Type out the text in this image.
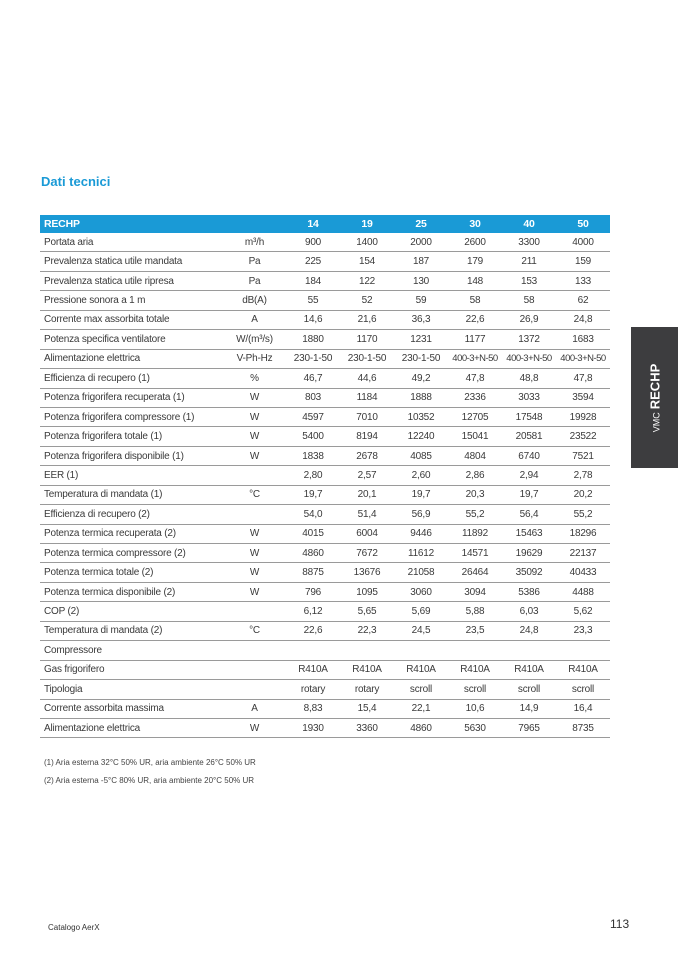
Dati tecnici
RECHP		14	19	25	30	40	50
Portata aria	m³/h	900	1400	2000	2600	3300	4000
Prevalenza statica utile mandata	Pa	225	154	187	179	211	159
Prevalenza statica utile ripresa	Pa	184	122	130	148	153	133
Pressione sonora a 1 m	dB(A)	55	52	59	58	58	62
Corrente max assorbita totale	A	14,6	21,6	36,3	22,6	26,9	24,8
Potenza specifica ventilatore	W/(m³/s)	1880	1170	1231	1177	1372	1683
Alimentazione elettrica	V-Ph-Hz	230-1-50	230-1-50	230-1-50	400-3+N-50	400-3+N-50	400-3+N-50
Efficienza di recupero (1)	%	46,7	44,6	49,2	47,8	48,8	47,8
Potenza frigorifera recuperata (1)	W	803	1184	1888	2336	3033	3594
Potenza frigorifera compressore (1)	W	4597	7010	10352	12705	17548	19928
Potenza frigorifera totale (1)	W	5400	8194	12240	15041	20581	23522
Potenza frigorifera disponibile (1)	W	1838	2678	4085	4804	6740	7521
EER (1)		2,80	2,57	2,60	2,86	2,94	2,78
Temperatura di mandata (1)	°C	19,7	20,1	19,7	20,3	19,7	20,2
Efficienza di recupero (2)		54,0	51,4	56,9	55,2	56,4	55,2
Potenza termica recuperata (2)	W	4015	6004	9446	11892	15463	18296
Potenza termica compressore (2)	W	4860	7672	11612	14571	19629	22137
Potenza termica totale (2)	W	8875	13676	21058	26464	35092	40433
Potenza termica disponibile (2)	W	796	1095	3060	3094	5386	4488
COP (2)		6,12	5,65	5,69	5,88	6,03	5,62
Temperatura di mandata (2)	°C	22,6	22,3	24,5	23,5	24,8	23,3
Compressore							
Gas frigorifero		R410A	R410A	R410A	R410A	R410A	R410A
Tipologia		rotary	rotary	scroll	scroll	scroll	scroll
Corrente assorbita massima	A	8,83	15,4	22,1	10,6	14,9	16,4
Alimentazione elettrica	W	1930	3360	4860	5630	7965	8735

(1) Aria esterna 32°C 50% UR, aria ambiente 26°C 50% UR

(2) Aria esterna -5°C 80% UR, aria ambiente 20°C 50% UR

VMCRECHP
Catalogo AerX	113
